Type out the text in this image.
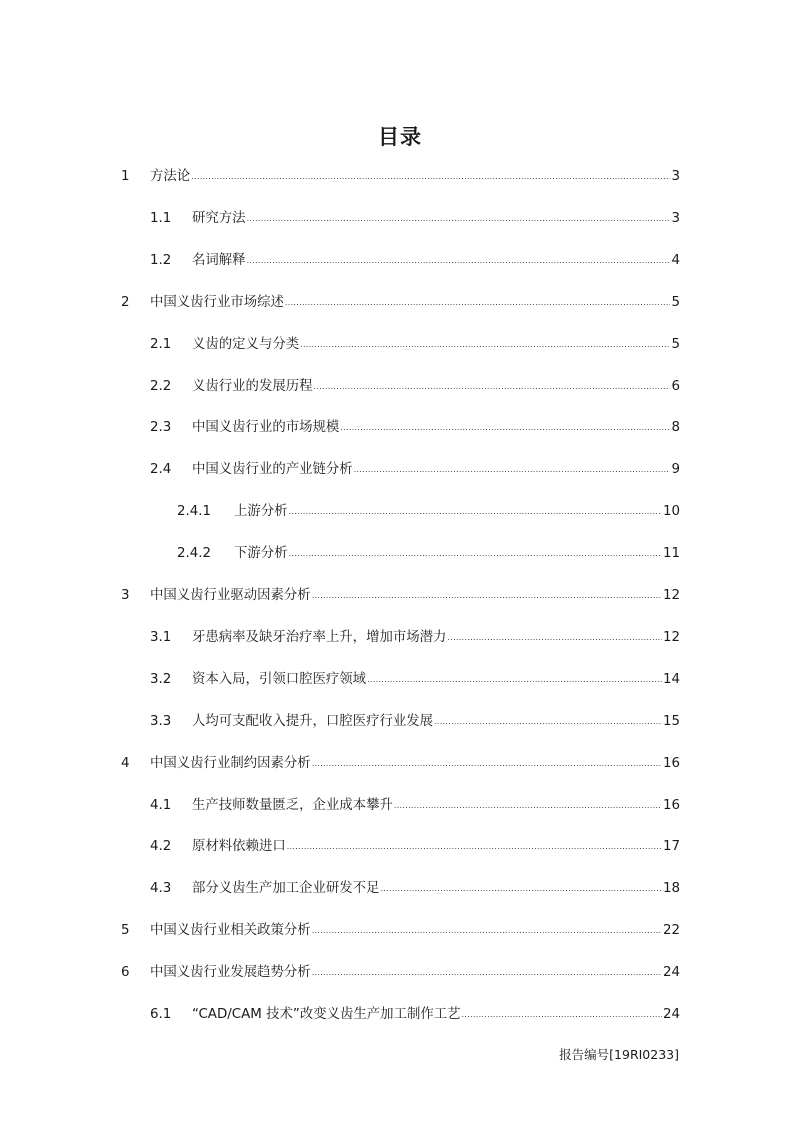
目录
1	方法论 .....	3
1.1	研究方法 .....	3
1.2	名词解释 .....	4
2	中国义齿行业市场综述 .....	5
2.1	义齿的定义与分类 .....	5
2.2	义齿行业的发展历程 .....	6
2.3	中国义齿行业的市场规模 .....	8
2.4	中国义齿行业的产业链分析 .....	9
2.4.1	上游分析 .....	10
2.4.2	下游分析 .....	11
3	中国义齿行业驱动因素分析 .....	12
3.1	牙患病率及缺牙治疗率上升，增加市场潜力 .....	12
3.2	资本入局，引领口腔医疗领域 .....	14
3.3	人均可支配收入提升，口腔医疗行业发展 .....	15
4	中国义齿行业制约因素分析 .....	16
4.1	生产技师数量匮乏，企业成本攀升 .....	16
4.2	原材料依赖进口 .....	17
4.3	部分义齿生产加工企业研发不足 .....	18
5	中国义齿行业相关政策分析 .....	22
6	中国义齿行业发展趋势分析 .....	24
6.1	“CAD/CAM 技术”改变义齿生产加工制作工艺 .....	24
报告编号[19RI0233]
